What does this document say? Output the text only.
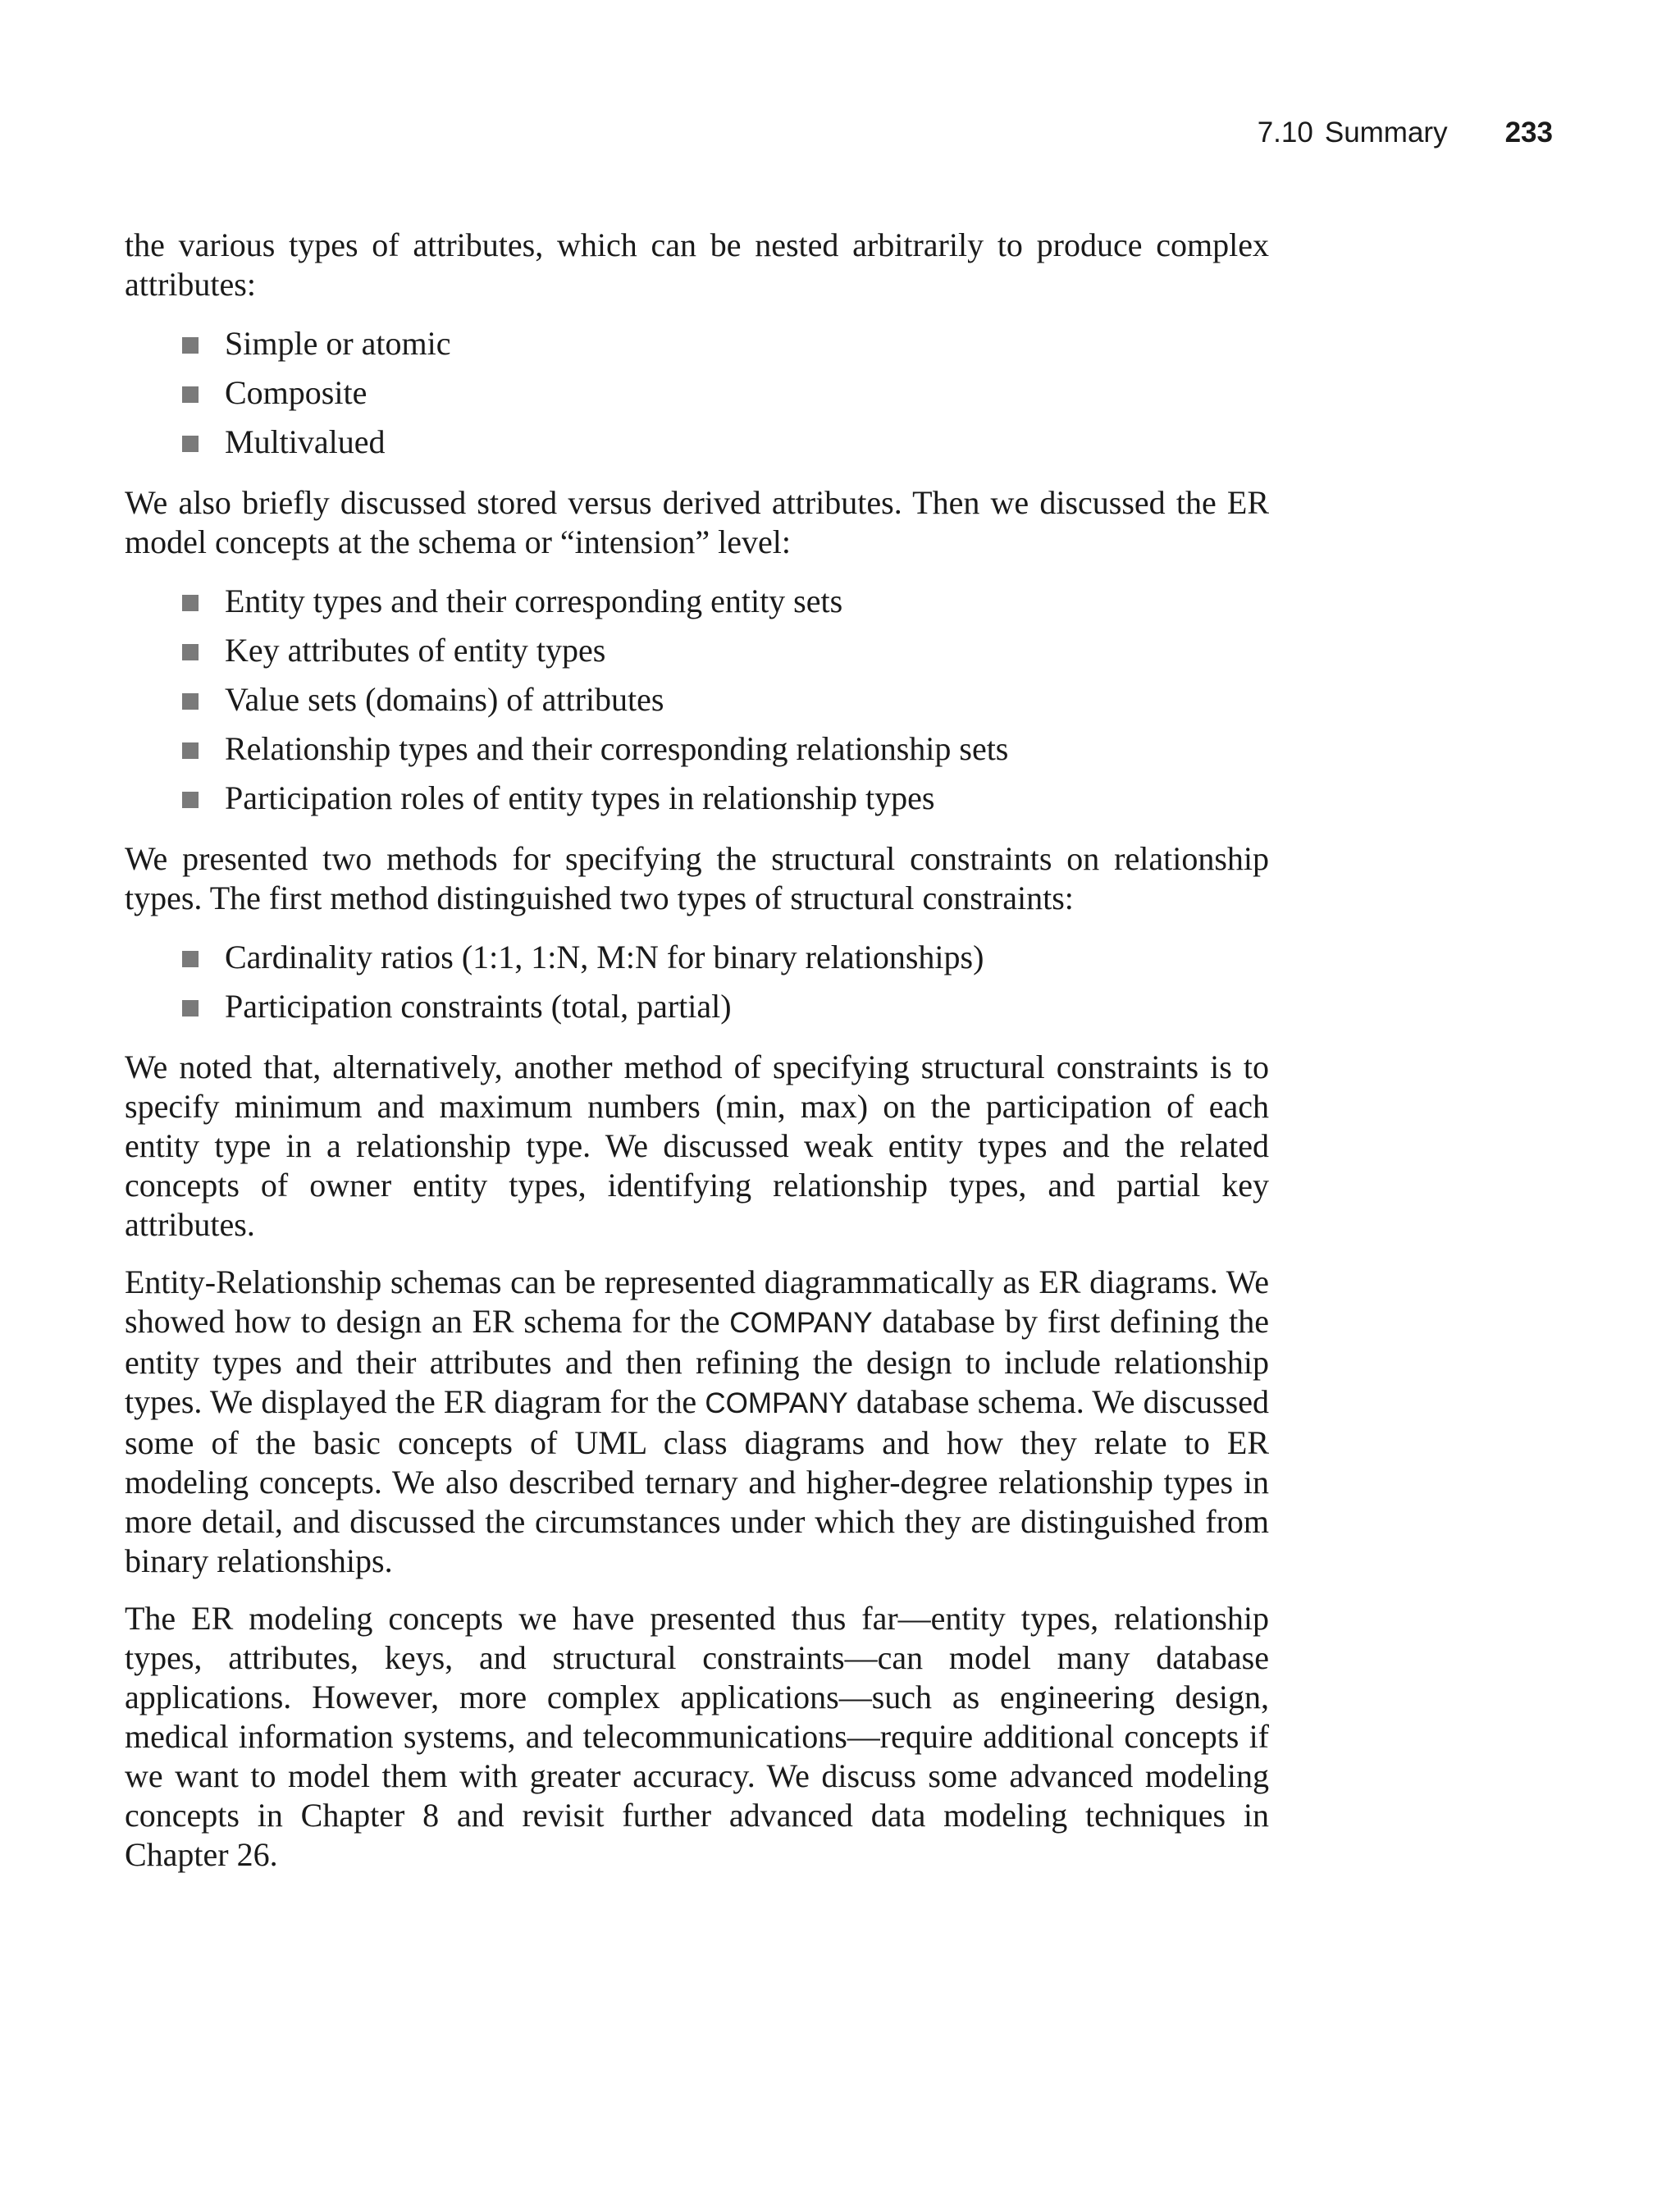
7.10 Summary 233

the various types of attributes, which can be nested arbitrarily to produce complex attributes:

Simple or atomic
Composite
Multivalued

We also briefly discussed stored versus derived attributes. Then we discussed the ER model concepts at the schema or “intension” level:

Entity types and their corresponding entity sets
Key attributes of entity types
Value sets (domains) of attributes
Relationship types and their corresponding relationship sets
Participation roles of entity types in relationship types

We presented two methods for specifying the structural constraints on relationship types. The first method distinguished two types of structural constraints:

Cardinality ratios (1:1, 1:N, M:N for binary relationships)
Participation constraints (total, partial)

We noted that, alternatively, another method of specifying structural constraints is to specify minimum and maximum numbers (min, max) on the participation of each entity type in a relationship type. We discussed weak entity types and the related concepts of owner entity types, identifying relationship types, and partial key attributes.

Entity-Relationship schemas can be represented diagrammatically as ER diagrams. We showed how to design an ER schema for the COMPANY database by first defining the entity types and their attributes and then refining the design to include relationship types. We displayed the ER diagram for the COMPANY database schema. We discussed some of the basic concepts of UML class diagrams and how they relate to ER modeling concepts. We also described ternary and higher-degree relationship types in more detail, and discussed the circumstances under which they are distinguished from binary relationships.

The ER modeling concepts we have presented thus far—entity types, relationship types, attributes, keys, and structural constraints—can model many database applications. However, more complex applications—such as engineering design, medical information systems, and telecommunications—require additional concepts if we want to model them with greater accuracy. We discuss some advanced modeling concepts in Chapter 8 and revisit further advanced data modeling techniques in Chapter 26.
